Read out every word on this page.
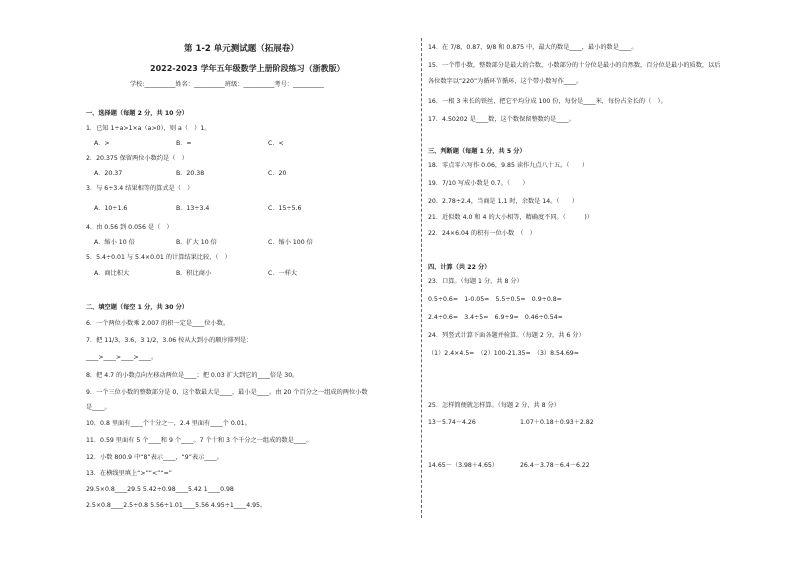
第 1-2 单元测试题（拓展卷）
2022-2023 学年五年级数学上册阶段练习（浙教版）
学校:__________姓名：__________班级：__________考号：__________
一、选择题（每题 2 分，共 10 分）
1．已知 1÷a>1×a（a>0），则 a（　）1。
A．>	B．=	C．<
2．20.375 保留两位小数约是（　）
A．20.37	B．20.38	C．20
3．与 6÷3.4 结果相等的算式是（　）
A．10÷1.6	B．13÷3.4	C．15÷5.6
4．由 0.56 到 0.056 是（　）
A．缩小 10 倍	B．扩大 10 倍	C．缩小 100 倍
5．5.4÷0.01 与 5.4×0.01 的计算结果比较，（　）
A．商比积大	B．积比商小	C．一样大
二、填空题（每空 1 分，共 30 分）
6．一个两位小数乘 2.007 的积一定是____位小数。
7．把 11/3，3.6，3 1/2，3.06 按从大到小的顺序排列是：
____>____>____>____。
8．把 4.7 的小数点向左移动两位是____；把 0.03 扩大到它的____倍是 30。
9．一个三位小数的整数部分是 0，这个数最大是____，最小是____。由 20 个百分之一组成的两位小数
是____。
10．0.8 里面有____个十分之一，2.4 里面有____个 0.01。
11．0.59 里面有 5 个____和 9 个____。7 个十和 3 个千分之一组成的数是____。
12．小数 800.9 中“8”表示____，“9”表示____。
13．在横线里填上“>”“<”“=”
29.5×0.8____29.5 5.42÷0.98____5.42 1____0.98
2.5×0.8____2.5÷0.8 5.56÷1.01____5.56 4.95÷1____4.95。
14．在 7/8，0.87，9/8 和 0.875 中，最大的数是____，最小的数是____。
15．一个带小数，整数部分是最大的合数，小数部分的十分位是最小的自然数，百分位是最小的质数，以后
各位数字以“220”为循环节循环，这个带小数写作____。
16．一根 3 米长的铁丝，把它平均分成 100 份，每份是____米，每份占全长的（　）。
17．4.50202 是____数，这个数保留整数约是____。
三、判断题（每题 1 分，共 5 分）
18．零点零六写作 0.06，9.85 读作九点八十五。（　　）
19．7/10 写成小数是 0.7。（　　）
20．2.78÷2.4，当商是 1.1 时，余数是 14。（　　）
21．近似数 4.0 和 4 的大小相等，精确度不同。（　　　)）
22．24×6.04 的积有一位小数　（　）
四、计算（共 22 分）
23．口算。（每题 1 分，共 8 分）
0.5÷0.6=　1-0.05=　5.5÷0.5=　0.9÷0.8=
2.4÷0.6=　3.4÷5=　6.9÷9=　0.46÷0.54=
24．列竖式计算下面各题并验算。（每题 2 分，共 6 分）
（1）2.4×4.5=　（2）100-21.35=　（3）8.54.69=
25．怎样简便就怎样算。（每题 2 分，共 8 分）
13－5.74－4.26	1.07＋0.18＋0.93＋2.82
14.65－（3.98＋4.65）	26.4－3.78－6.4－6.22
